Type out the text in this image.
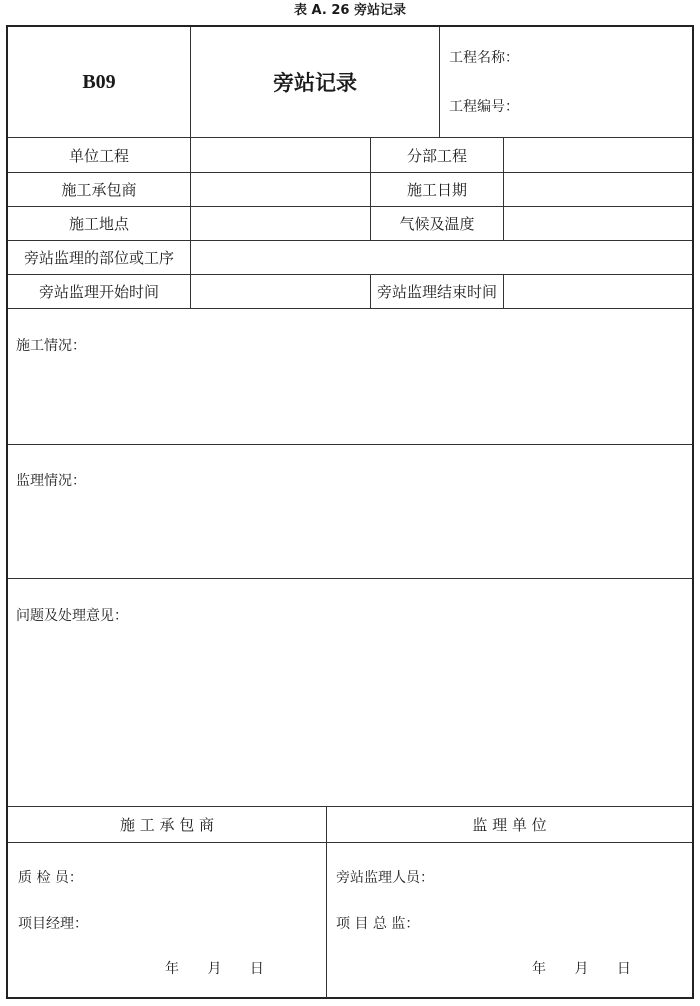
表 A. 26 旁站记录
B09	旁站记录
工程名称：
工程编号：
单位工程	分部工程
施工承包商	施工日期
施工地点	气候及温度
旁站监理的部位或工序
旁站监理开始时间	旁站监理结束时间
施工情况：
监理情况：
问题及处理意见：
施 工 承 包 商	监 理 单 位
质 检 员：
项目经理：
年 月 日
旁站监理人员：
项 目 总 监：
年 月 日
